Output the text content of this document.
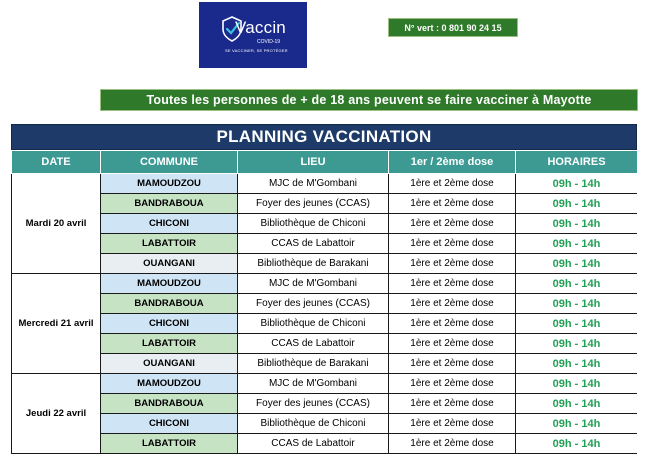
Vaccin
COVID-19
SE VACCINER, SE PROTÉGER
N° vert : 0 801 90 24 15
Toutes les personnes de + de 18 ans peuvent se faire vacciner à Mayotte
PLANNING VACCINATION
DATE	COMMUNE	LIEU	1er / 2ème dose	HORAIRES
Mardi 20 avril	MAMOUDZOU	MJC de M'Gombani	1ère et 2ème dose	09h - 14h
	BANDRABOUA	Foyer des jeunes (CCAS)	1ère et 2ème dose	09h - 14h
	CHICONI	Bibliothèque de Chiconi	1ère et 2ème dose	09h - 14h
	LABATTOIR	CCAS de Labattoir	1ère et 2ème dose	09h - 14h
	OUANGANI	Bibliothèque de Barakani	1ère et 2ème dose	09h - 14h
Mercredi 21 avril	MAMOUDZOU	MJC de M'Gombani	1ère et 2ème dose	09h - 14h
	BANDRABOUA	Foyer des jeunes (CCAS)	1ère et 2ème dose	09h - 14h
	CHICONI	Bibliothèque de Chiconi	1ère et 2ème dose	09h - 14h
	LABATTOIR	CCAS de Labattoir	1ère et 2ème dose	09h - 14h
	OUANGANI	Bibliothèque de Barakani	1ère et 2ème dose	09h - 14h
Jeudi 22 avril	MAMOUDZOU	MJC de M'Gombani	1ère et 2ème dose	09h - 14h
	BANDRABOUA	Foyer des jeunes (CCAS)	1ère et 2ème dose	09h - 14h
	CHICONI	Bibliothèque de Chiconi	1ère et 2ème dose	09h - 14h
	LABATTOIR	CCAS de Labattoir	1ère et 2ème dose	09h - 14h
